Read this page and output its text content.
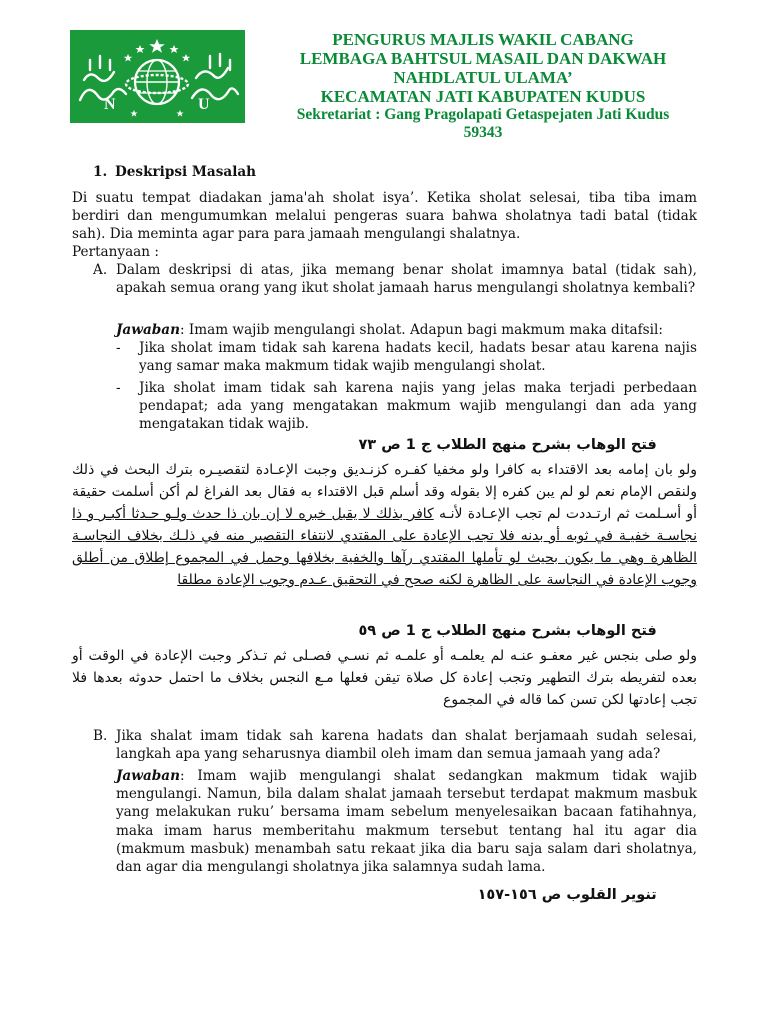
N	U
PENGURUS MAJLIS WAKIL CABANG
LEMBAGA BAHTSUL MASAIL DAN DAKWAH
NAHDLATUL ULAMA’
KECAMATAN JATI KABUPATEN KUDUS
Sekretariat : Gang Pragolapati Getaspejaten Jati Kudus
59343
1. Deskripsi Masalah
Di suatu tempat diadakan jama'ah sholat isya’. Ketika sholat selesai, tiba tiba imam berdiri dan mengumumkan melalui pengeras suara bahwa sholatnya tadi batal (tidak sah). Dia meminta agar para para jamaah mengulangi shalatnya.
Pertanyaan :
A. Dalam deskripsi di atas, jika memang benar sholat imamnya batal (tidak sah), apakah semua orang yang ikut sholat jamaah harus mengulangi sholatnya kembali?
Jawaban: Imam wajib mengulangi sholat. Adapun bagi makmum maka ditafsil:
- Jika sholat imam tidak sah karena hadats kecil, hadats besar atau karena najis yang samar maka makmum tidak wajib mengulangi sholat.
- Jika sholat imam tidak sah karena najis yang jelas maka terjadi perbedaan pendapat; ada yang mengatakan makmum wajib mengulangi dan ada yang mengatakan tidak wajib.
فتح الوهاب بشرح منهج الطلاب ج 1 ص ٧٣
ولو بان إمامه بعد الاقتداء به كافرا ولو مخفيا كفـره كزنـديق وجبت الإعـادة لتقصيـره بترك البحث في ذلك ولنقص الإمام نعم لو لم يبن كفره إلا بقوله وقد أسلم قبل الاقتداء به فقال بعد الفراغ لم أكن أسلمت حقيقة أو أسـلمت ثم ارتـددت لم تجب الإعـادة لأنـه كافر بذلك لا يقبل خبره لا إن بان ذا حدث ولـو حـدثا أكبـر و ذا نجاسـة خفيـة في ثوبه أو بدنه فلا تجب الإعادة على المقتدي لانتفاء التقصير منه في ذلـك بخلاف النجاسـة الظاهرة وهي ما يكون بحيث لو تأملها المقتدي رآها والخفية بخلافها وحمل في المجموع إطلاق من أطلق وجوب الإعادة في النجاسة على الظاهرة لكنه صحح في التحقيق عـدم وجوب الإعادة مطلقا
فتح الوهاب بشرح منهج الطلاب ج 1 ص ٥٩
ولو صلى بنجس غير معفـو عنـه لم يعلمـه أو علمـه ثم نسـي فصـلى ثم تـذكر وجبت الإعادة في الوقت أو بعده لتفريطه بترك التطهير وتجب إعادة كل صلاة تيقن فعلها مـع النجس بخلاف ما احتمل حدوثه بعدها فلا تجب إعادتها لكن تسن كما قاله في المجموع
B. Jika shalat imam tidak sah karena hadats dan shalat berjamaah sudah selesai, langkah apa yang seharusnya diambil oleh imam dan semua jamaah yang ada?
Jawaban: Imam wajib mengulangi shalat sedangkan makmum tidak wajib mengulangi. Namun, bila dalam shalat jamaah tersebut terdapat makmum masbuk yang melakukan ruku’ bersama imam sebelum menyelesaikan bacaan fatihahnya, maka imam harus memberitahu makmum tersebut tentang hal itu agar dia (makmum masbuk) menambah satu rekaat jika dia baru saja salam dari sholatnya, dan agar dia mengulangi sholatnya jika salamnya sudah lama.
تنوير القلوب ص ١٥٦-١٥٧
